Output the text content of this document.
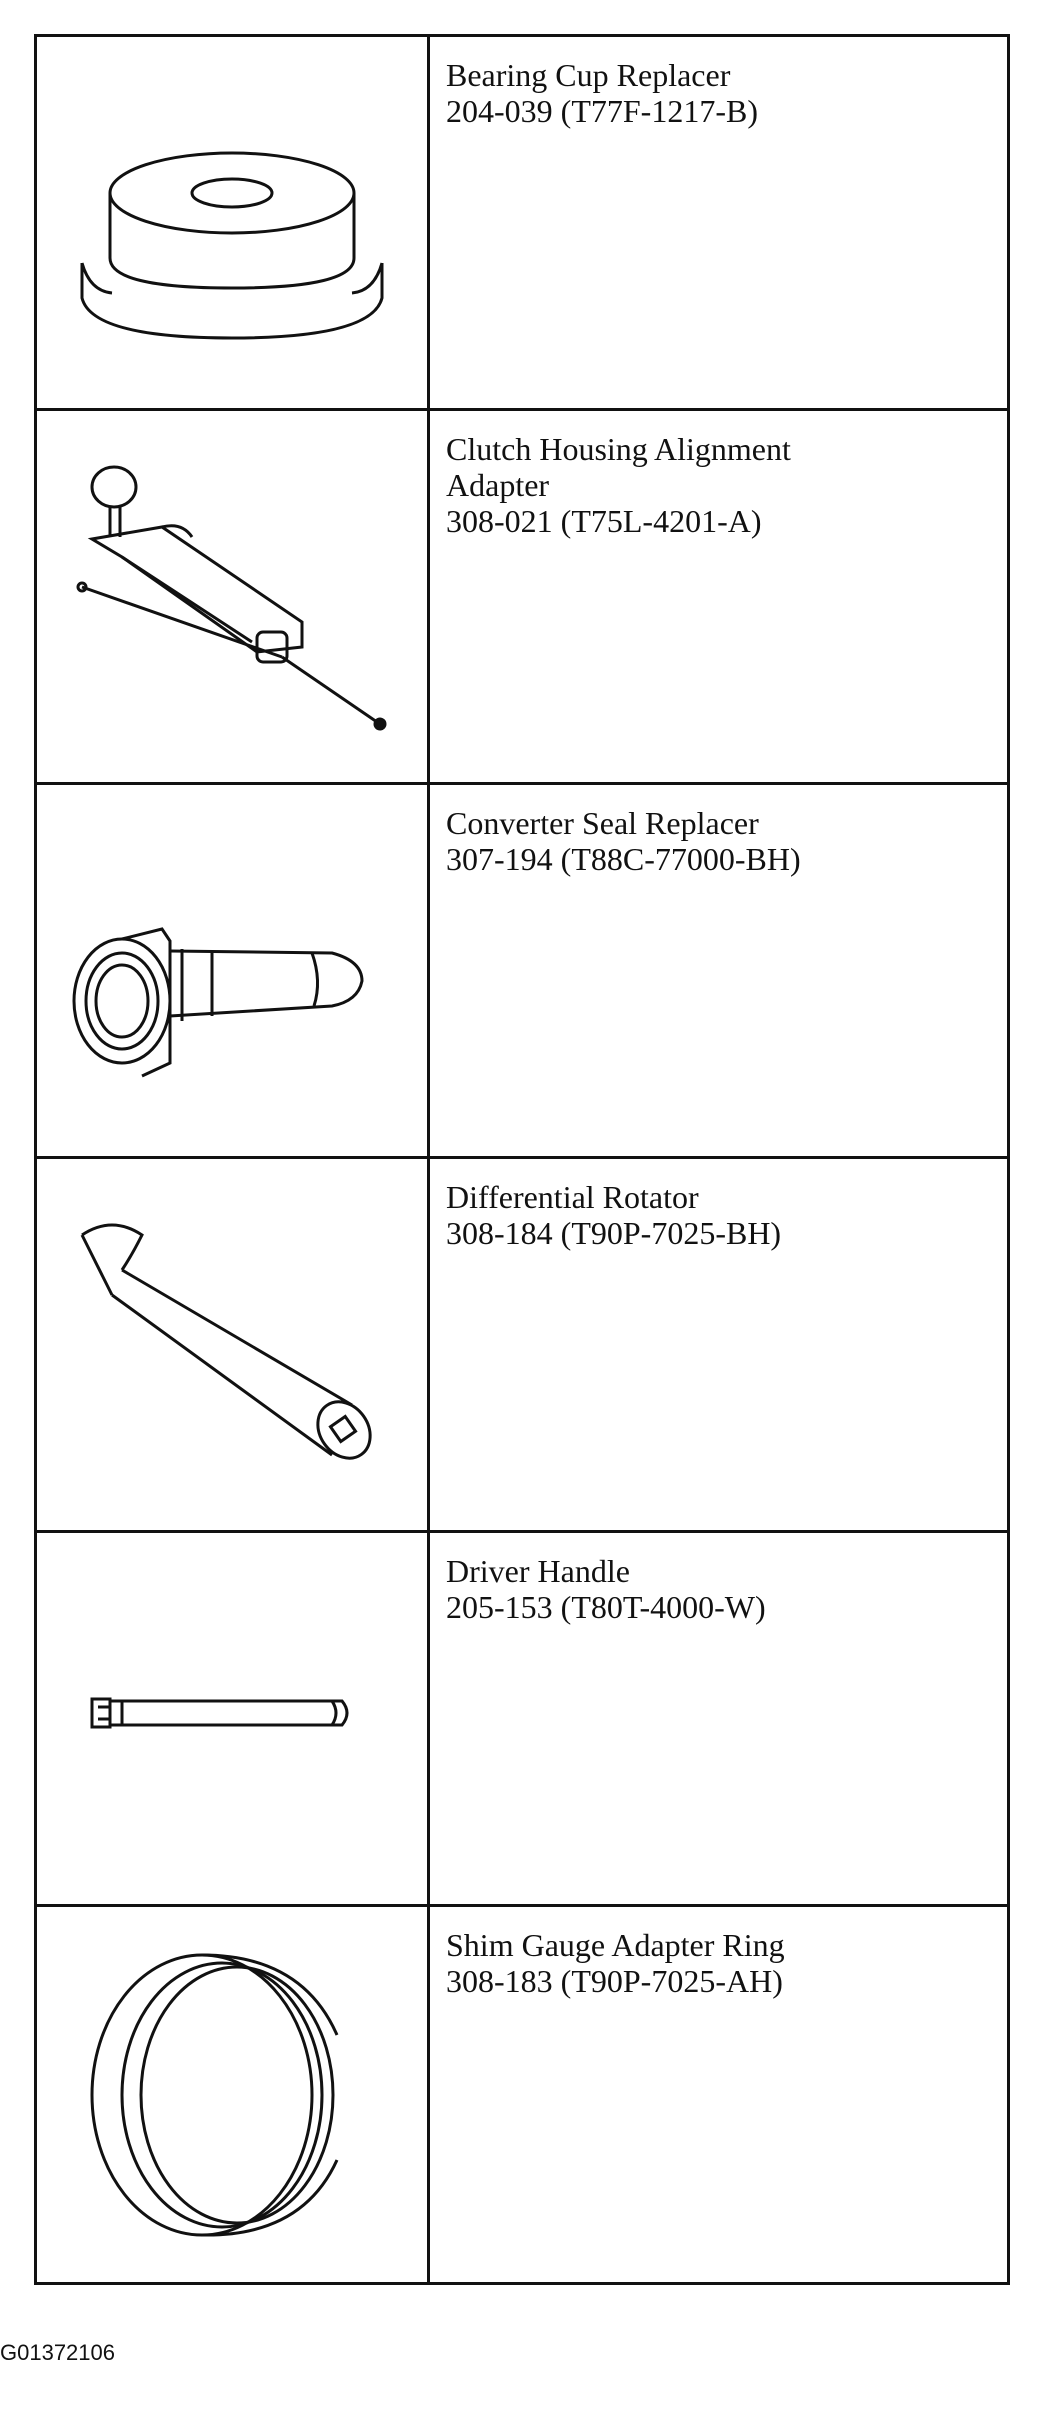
Bearing Cup Replacer
204-039 (T77F-1217-B)
Clutch Housing Alignment
Adapter
308-021 (T75L-4201-A)
Converter Seal Replacer
307-194 (T88C-77000-BH)
Differential Rotator
308-184 (T90P-7025-BH)
Driver Handle
205-153 (T80T-4000-W)
Shim Gauge Adapter Ring
308-183 (T90P-7025-AH)
G01372106
